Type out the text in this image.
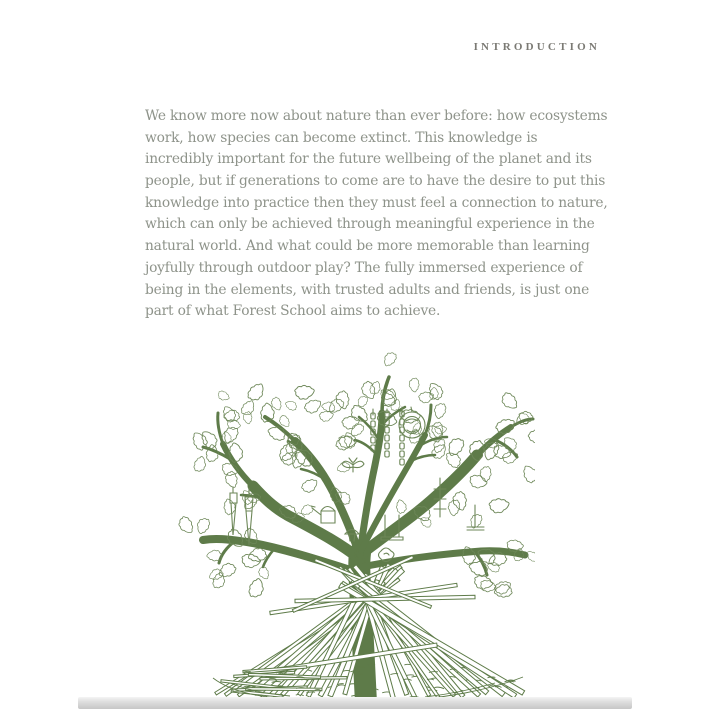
INTRODUCTION
We know more now about nature than ever before: how ecosystems
work, how species can become extinct. This knowledge is
incredibly important for the future wellbeing of the planet and its
people, but if generations to come are to have the desire to put this
knowledge into practice then they must feel a connection to nature,
which can only be achieved through meaningful experience in the
natural world. And what could be more memorable than learning
joyfully through outdoor play? The fully immersed experience of
being in the elements, with trusted adults and friends, is just one
part of what Forest School aims to achieve.
